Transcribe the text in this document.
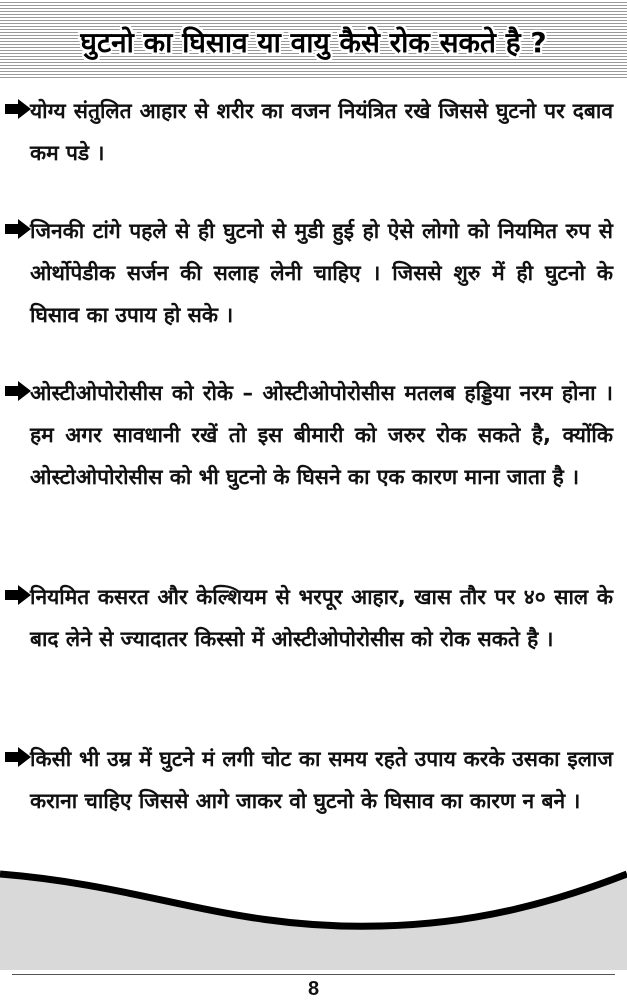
घुटनो का घिसाव या वायु कैसे रोक सकते है ?

योग्य संतुलित आहार से शरीर का वजन नियंत्रित रखे जिससे घुटनो पर दबाव कम पडे ।

जिनकी टांगे पहले से ही घुटनो से मुडी हुई हो ऐसे लोगो को नियमित रुप से ओर्थोपेडीक सर्जन की सलाह लेनी चाहिए । जिससे शुरु में ही घुटनो के घिसाव का उपाय हो सके ।

ओस्टीओपोरोसीस को रोके – ओस्टीओपोरोसीस मतलब हड्डिया नरम होना । हम अगर सावधानी रखें तो इस बीमारी को जरुर रोक सकते है, क्योंकि ओस्टोओपोरोसीस को भी घुटनो के घिसने का एक कारण माना जाता है ।

नियमित कसरत और केल्शियम से भरपूर आहार, खास तौर पर ४० साल के बाद लेने से ज्यादातर किस्सो में ओस्टीओपोरोसीस को रोक सकते है ।

किसी भी उम्र में घुटने मं लगी चोट का समय रहते उपाय करके उसका इलाज कराना चाहिए जिससे आगे जाकर वो घुटनो के घिसाव का कारण न बने ।

8
